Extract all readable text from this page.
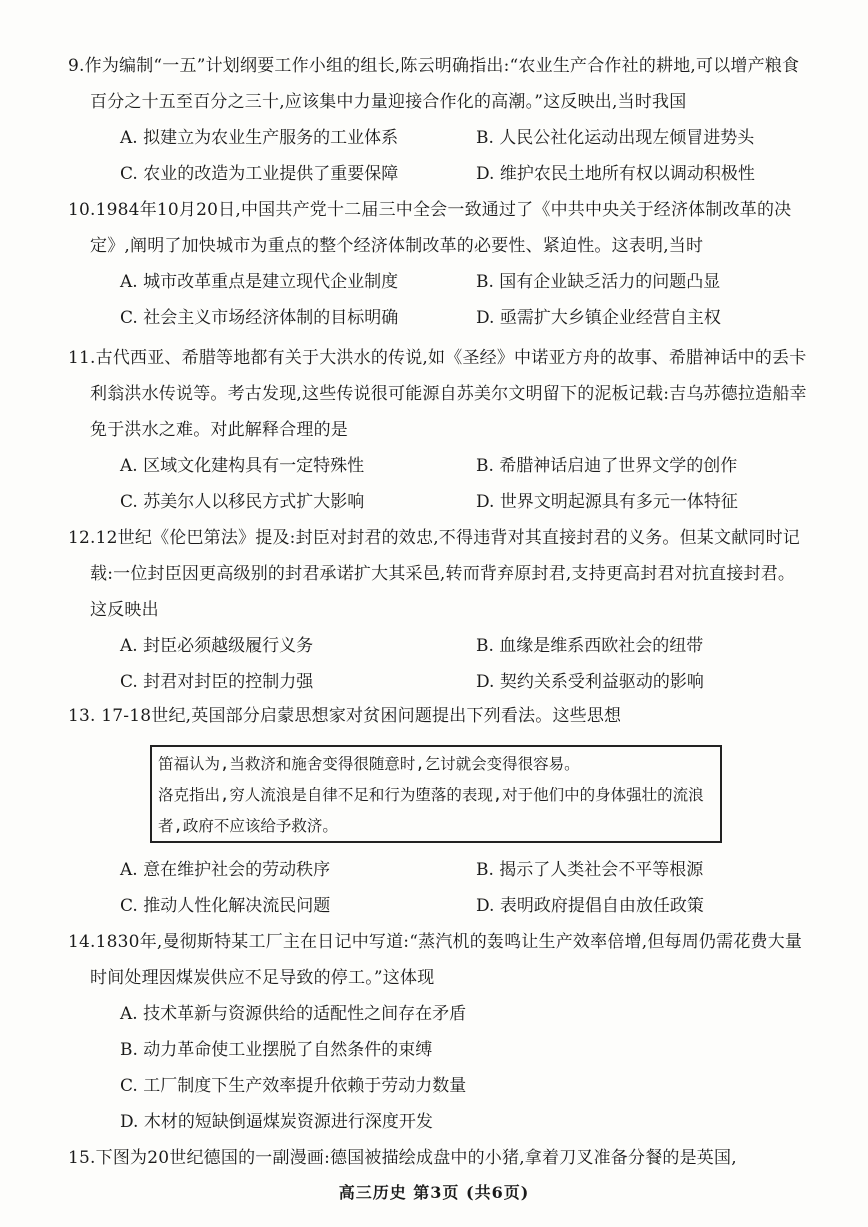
9.作为编制“一五”计划纲要工作小组的组长,陈云明确指出:“农业生产合作社的耕地,可以增产粮食百分之十五至百分之三十,应该集中力量迎接合作化的高潮。”这反映出,当时我国
A. 拟建立为农业生产服务的工业体系	B. 人民公社化运动出现左倾冒进势头
C. 农业的改造为工业提供了重要保障	D. 维护农民土地所有权以调动积极性
10.1984年10月20日,中国共产党十二届三中全会一致通过了《中共中央关于经济体制改革的决定》,阐明了加快城市为重点的整个经济体制改革的必要性、紧迫性。这表明,当时
A. 城市改革重点是建立现代企业制度	B. 国有企业缺乏活力的问题凸显
C. 社会主义市场经济体制的目标明确	D. 亟需扩大乡镇企业经营自主权
11.古代西亚、希腊等地都有关于大洪水的传说,如《圣经》中诺亚方舟的故事、希腊神话中的丢卡利翁洪水传说等。考古发现,这些传说很可能源自苏美尔文明留下的泥板记载:吉乌苏德拉造船幸免于洪水之难。对此解释合理的是
A. 区域文化建构具有一定特殊性	B. 希腊神话启迪了世界文学的创作
C. 苏美尔人以移民方式扩大影响	D. 世界文明起源具有多元一体特征
12.12世纪《伦巴第法》提及:封臣对封君的效忠,不得违背对其直接封君的义务。但某文献同时记载:一位封臣因更高级别的封君承诺扩大其采邑,转而背弃原封君,支持更高封君对抗直接封君。这反映出
A. 封臣必须越级履行义务	B. 血缘是维系西欧社会的纽带
C. 封君对封臣的控制力强	D. 契约关系受利益驱动的影响
13. 17-18世纪,英国部分启蒙思想家对贫困问题提出下列看法。这些思想
笛福认为,当救济和施舍变得很随意时,乞讨就会变得很容易。
洛克指出,穷人流浪是自律不足和行为堕落的表现,对于他们中的身体强壮的流浪者,政府不应该给予救济。
A. 意在维护社会的劳动秩序	B. 揭示了人类社会不平等根源
C. 推动人性化解决流民问题	D. 表明政府提倡自由放任政策
14.1830年,曼彻斯特某工厂主在日记中写道:“蒸汽机的轰鸣让生产效率倍增,但每周仍需花费大量时间处理因煤炭供应不足导致的停工。”这体现
A. 技术革新与资源供给的适配性之间存在矛盾
B. 动力革命使工业摆脱了自然条件的束缚
C. 工厂制度下生产效率提升依赖于劳动力数量
D. 木材的短缺倒逼煤炭资源进行深度开发
15.下图为20世纪德国的一副漫画:德国被描绘成盘中的小猪,拿着刀叉准备分餐的是英国,
高三历史 第3页 (共6页)
